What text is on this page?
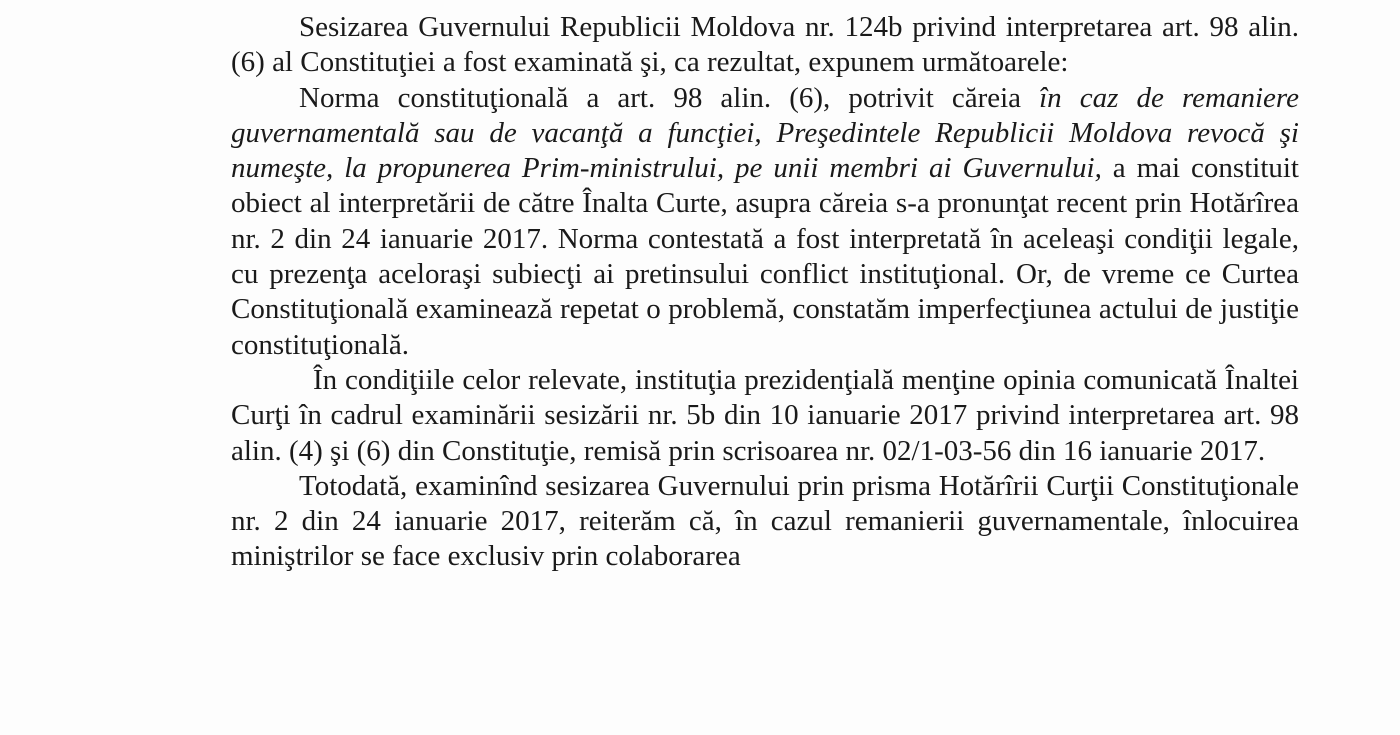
Sesizarea Guvernului Republicii Moldova nr. 124b privind interpretarea art. 98 alin. (6) al Constituţiei a fost examinată şi, ca rezultat, expunem următoarele:

Norma constituţională a art. 98 alin. (6), potrivit căreia în caz de remaniere guvernamentală sau de vacanţă a funcţiei, Preşedintele Republicii Moldova revocă şi numeşte, la propunerea Prim-ministrului, pe unii membri ai Guvernului, a mai constituit obiect al interpretării de către Înalta Curte, asupra căreia s-a pronunţat recent prin Hotărîrea nr. 2 din 24 ianuarie 2017. Norma contestată a fost interpretată în aceleaşi condiţii legale, cu prezenţa aceloraşi subiecţi ai pretinsului conflict instituţional. Or, de vreme ce Curtea Constituţională examinează repetat o problemă, constatăm imperfecţiunea actului de justiţie constituţională.

În condiţiile celor relevate, instituţia prezidenţială menţine opinia comunicată Înaltei Curţi în cadrul examinării sesizării nr. 5b din 10 ianuarie 2017 privind interpretarea art. 98 alin. (4) şi (6) din Constituţie, remisă prin scrisoarea nr. 02/1-03-56 din 16 ianuarie 2017.

Totodată, examinînd sesizarea Guvernului prin prisma Hotărîrii Curţii Constituţionale nr. 2 din 24 ianuarie 2017, reiterăm că, în cazul remanierii guvernamentale, înlocuirea miniştrilor se face exclusiv prin colaborarea
